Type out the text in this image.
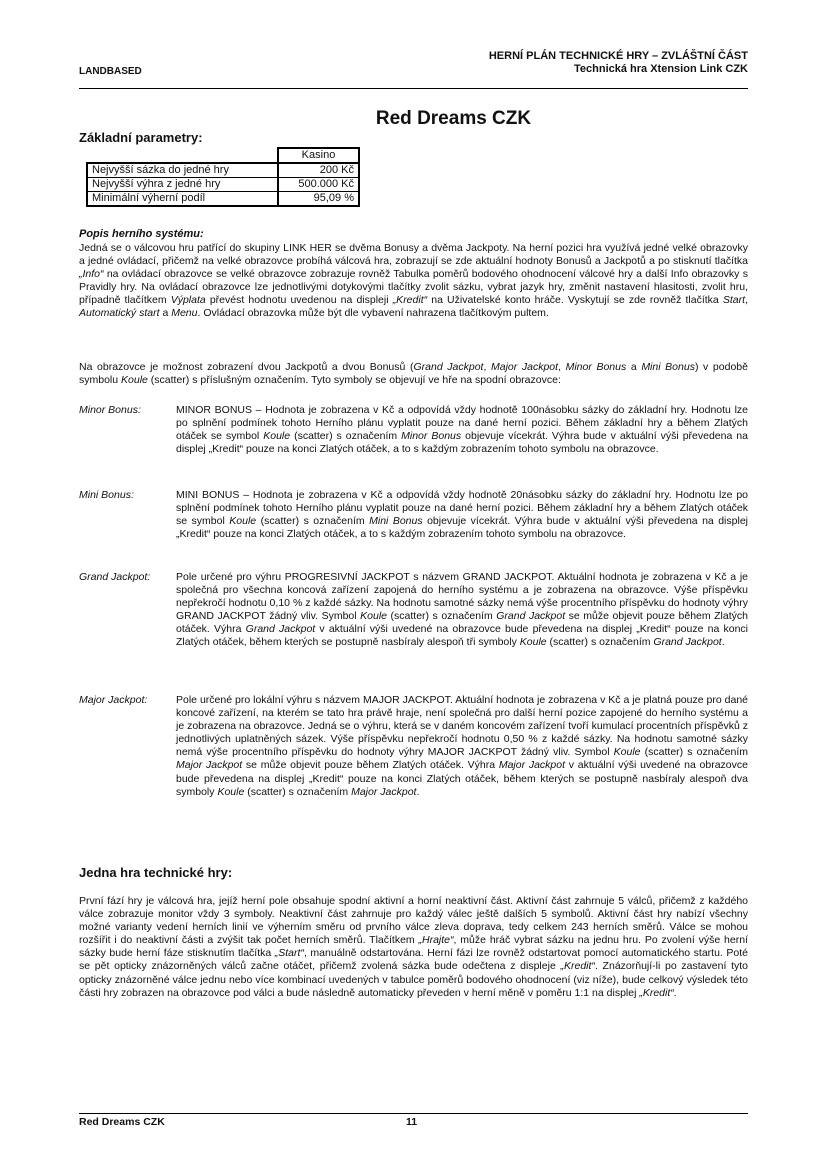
LANDBASED
HERNÍ PLÁN TECHNICKÉ HRY – ZVLÁŠTNÍ ČÁST
Technická hra Xtension Link CZK
Red Dreams CZK
Základní parametry:
	Kasino
Nejvyšší sázka do jedné hry	200 Kč
Nejvyšší výhra z jedné hry	500.000 Kč
Minimální výherní podíl	95,09 %
Popis herního systému:
Jedná se o válcovou hru patřící do skupiny LINK HER se dvěma Bonusy a dvěma Jackpoty. Na herní pozici hra využívá jedné velké obrazovky a jedné ovládací, přičemž na velké obrazovce probíhá válcová hra, zobrazují se zde aktuální hodnoty Bonusů a Jackpotů a po stisknutí tlačítka „Info“ na ovládací obrazovce se velké obrazovce zobrazuje rovněž Tabulka poměrů bodového ohodnocení válcové hry a další Info obrazovky s Pravidly hry. Na ovládací obrazovce lze jednotlivými dotykovými tlačítky zvolit sázku, vybrat jazyk hry, změnit nastavení hlasitosti, zvolit hru, případně tlačítkem Výplata převést hodnotu uvedenou na displeji „Kredit“ na Uživatelské konto hráče. Vyskytují se zde rovněž tlačítka Start, Automatický start a Menu. Ovládací obrazovka může být dle vybavení nahrazena tlačítkovým pultem.
Na obrazovce je možnost zobrazení dvou Jackpotů a dvou Bonusů (Grand Jackpot, Major Jackpot, Minor Bonus a Mini Bonus) v podobě symbolu Koule (scatter) s příslušným označením. Tyto symboly se objevují ve hře na spodní obrazovce:
Minor Bonus:	MINOR BONUS – Hodnota je zobrazena v Kč a odpovídá vždy hodnotě 100násobku sázky do základní hry. Hodnotu lze po splnění podmínek tohoto Herního plánu vyplatit pouze na dané herní pozici. Během základní hry a během Zlatých otáček se symbol Koule (scatter) s označením Minor Bonus objevuje vícekrát. Výhra bude v aktuální výši převedena na displej „Kredit“ pouze na konci Zlatých otáček, a to s každým zobrazením tohoto symbolu na obrazovce.
Mini Bonus:	MINI BONUS – Hodnota je zobrazena v Kč a odpovídá vždy hodnotě 20násobku sázky do základní hry. Hodnotu lze po splnění podmínek tohoto Herního plánu vyplatit pouze na dané herní pozici. Během základní hry a během Zlatých otáček se symbol Koule (scatter) s označením Mini Bonus objevuje vícekrát. Výhra bude v aktuální výši převedena na displej „Kredit“ pouze na konci Zlatých otáček, a to s každým zobrazením tohoto symbolu na obrazovce.
Grand Jackpot:	Pole určené pro výhru PROGRESIVNÍ JACKPOT s názvem GRAND JACKPOT. Aktuální hodnota je zobrazena v Kč a je společná pro všechna koncová zařízení zapojená do herního systému a je zobrazena na obrazovce. Výše příspěvku nepřekročí hodnotu 0,10 % z každé sázky. Na hodnotu samotné sázky nemá výše procentního příspěvku do hodnoty výhry GRAND JACKPOT žádný vliv. Symbol Koule (scatter) s označením Grand Jackpot se může objevit pouze během Zlatých otáček. Výhra Grand Jackpot v aktuální výši uvedené na obrazovce bude převedena na displej „Kredit“ pouze na konci Zlatých otáček, během kterých se postupně nasbíraly alespoň tři symboly Koule (scatter) s označením Grand Jackpot.
Major Jackpot:	Pole určené pro lokální výhru s názvem MAJOR JACKPOT. Aktuální hodnota je zobrazena v Kč a je platná pouze pro dané koncové zařízení, na kterém se tato hra právě hraje, není společná pro další herní pozice zapojené do herního systému a je zobrazena na obrazovce. Jedná se o výhru, která se v daném koncovém zařízení tvoří kumulací procentních příspěvků z jednotlivých uplatněných sázek. Výše příspěvku nepřekročí hodnotu 0,50 % z každé sázky. Na hodnotu samotné sázky nemá výše procentního příspěvku do hodnoty výhry MAJOR JACKPOT žádný vliv. Symbol Koule (scatter) s označením Major Jackpot se může objevit pouze během Zlatých otáček. Výhra Major Jackpot v aktuální výši uvedené na obrazovce bude převedena na displej „Kredit“ pouze na konci Zlatých otáček, během kterých se postupně nasbíraly alespoň dva symboly Koule (scatter) s označením Major Jackpot.
Jedna hra technické hry:
První fází hry je válcová hra, jejíž herní pole obsahuje spodní aktivní a horní neaktivní část. Aktivní část zahrnuje 5 válců, přičemž z každého válce zobrazuje monitor vždy 3 symboly. Neaktivní část zahrnuje pro každý válec ještě dalších 5 symbolů. Aktivní část hry nabízí všechny možné varianty vedení herních linií ve výherním směru od prvního válce zleva doprava, tedy celkem 243 herních směrů. Válce se mohou rozšířit i do neaktivní části a zvýšit tak počet herních směrů. Tlačítkem „Hrajte“, může hráč vybrat sázku na jednu hru. Po zvolení výše herní sázky bude herní fáze stisknutím tlačítka „Start“, manuálně odstartována. Herní fázi lze rovněž odstartovat pomocí automatického startu. Poté se pět opticky znázorněných válců začne otáčet, přičemž zvolená sázka bude odečtena z displeje „Kredit“. Znázorňují-li po zastavení tyto opticky znázorněné válce jednu nebo více kombinací uvedených v tabulce poměrů bodového ohodnocení (viz níže), bude celkový výsledek této části hry zobrazen na obrazovce pod válci a bude následně automaticky převeden v herní měně v poměru 1:1 na displej „Kredit“.
Red Dreams CZK	11
